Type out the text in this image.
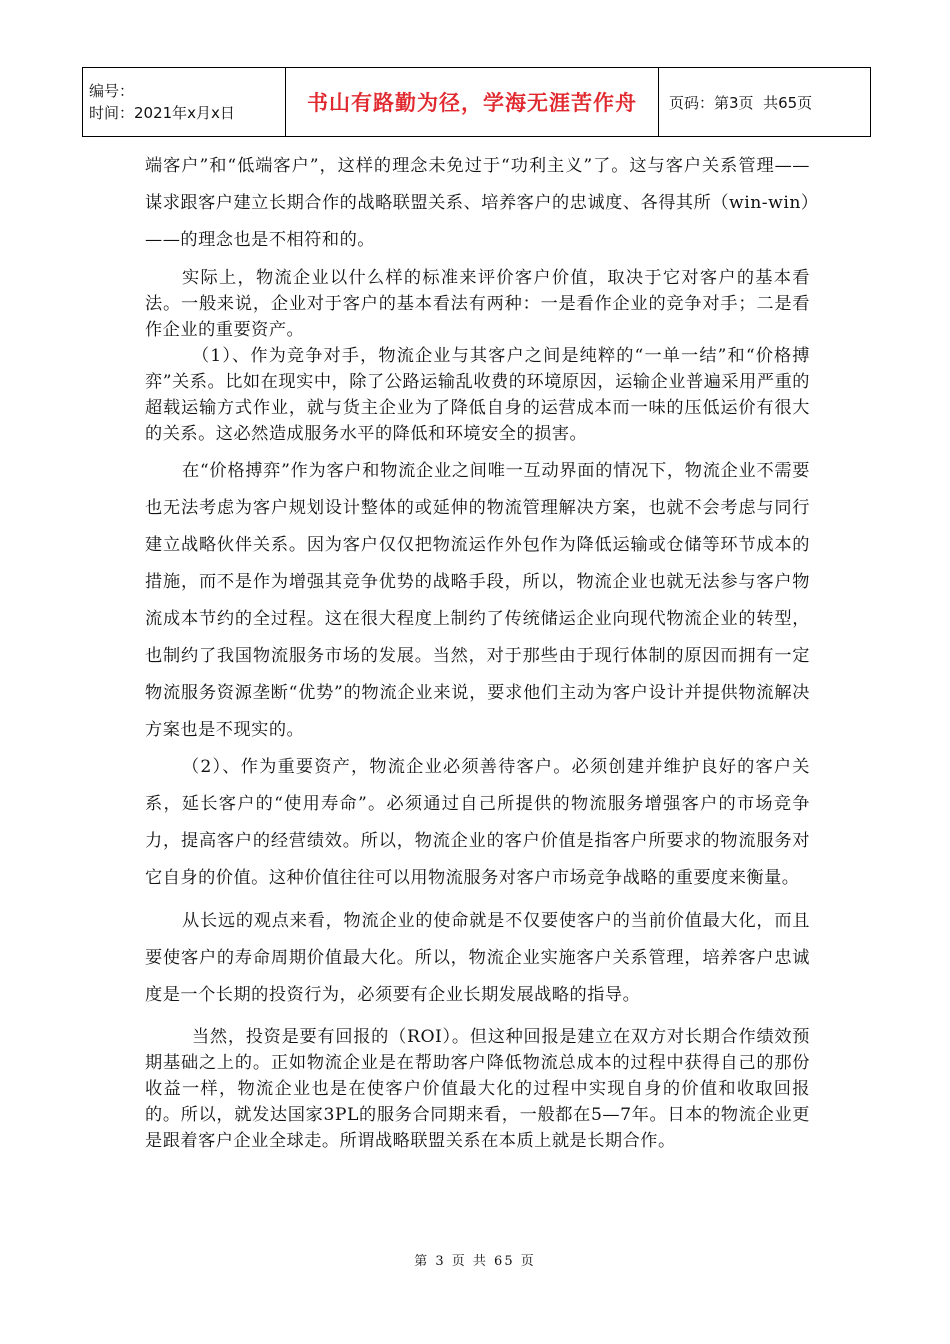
编号：
时间：2021年x月x日	书山有路勤为径，学海无涯苦作舟	页码：第3页  共65页

端客户”和“低端客户”，这样的理念未免过于“功利主义”了。这与客户关系管理——谋求跟客户建立长期合作的战略联盟关系、培养客户的忠诚度、各得其所（win-win）——的理念也是不相符和的。

实际上，物流企业以什么样的标准来评价客户价值，取决于它对客户的基本看法。一般来说，企业对于客户的基本看法有两种：一是看作企业的竞争对手；二是看作企业的重要资产。

（1）、作为竞争对手，物流企业与其客户之间是纯粹的“一单一结”和“价格搏弈”关系。比如在现实中，除了公路运输乱收费的环境原因，运输企业普遍采用严重的超载运输方式作业，就与货主企业为了降低自身的运营成本而一味的压低运价有很大的关系。这必然造成服务水平的降低和环境安全的损害。

在“价格搏弈”作为客户和物流企业之间唯一互动界面的情况下，物流企业不需要也无法考虑为客户规划设计整体的或延伸的物流管理解决方案，也就不会考虑与同行建立战略伙伴关系。因为客户仅仅把物流运作外包作为降低运输或仓储等环节成本的措施，而不是作为增强其竞争优势的战略手段，所以，物流企业也就无法参与客户物流成本节约的全过程。这在很大程度上制约了传统储运企业向现代物流企业的转型，也制约了我国物流服务市场的发展。当然，对于那些由于现行体制的原因而拥有一定物流服务资源垄断“优势”的物流企业来说，要求他们主动为客户设计并提供物流解决方案也是不现实的。

（2）、作为重要资产，物流企业必须善待客户。必须创建并维护良好的客户关系，延长客户的“使用寿命”。必须通过自己所提供的物流服务增强客户的市场竞争力，提高客户的经营绩效。所以，物流企业的客户价值是指客户所要求的物流服务对它自身的价值。这种价值往往可以用物流服务对客户市场竞争战略的重要度来衡量。

从长远的观点来看，物流企业的使命就是不仅要使客户的当前价值最大化，而且要使客户的寿命周期价值最大化。所以，物流企业实施客户关系管理，培养客户忠诚度是一个长期的投资行为，必须要有企业长期发展战略的指导。

当然，投资是要有回报的（ROI）。但这种回报是建立在双方对长期合作绩效预期基础之上的。正如物流企业是在帮助客户降低物流总成本的过程中获得自己的那份收益一样，物流企业也是在使客户价值最大化的过程中实现自身的价值和收取回报的。所以，就发达国家3PL的服务合同期来看，一般都在5—7年。日本的物流企业更是跟着客户企业全球走。所谓战略联盟关系在本质上就是长期合作。

第 3 页 共 65 页
